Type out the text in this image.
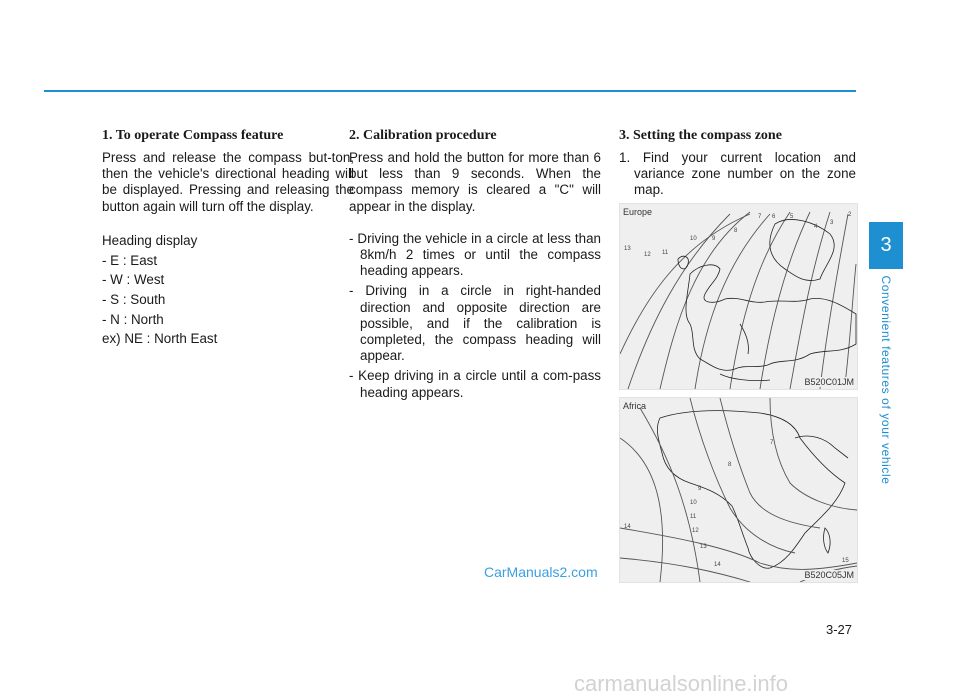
1. To operate Compass feature

Press and release the compass but-ton, then the vehicle's directional heading will be displayed. Pressing and releasing the button again will turn off the display.

Heading display

- E : East

- W : West

- S : South

- N : North

ex) NE : North East

2. Calibration procedure

Press and hold the button for more than 6 but less than 9 seconds. When the compass memory is cleared a "C" will appear in the display.

- Driving the vehicle in a circle at less than 8km/h 2 times or until the compass heading appears.

- Driving in a circle in right-handed direction and opposite direction are possible, and if the calibration is completed, the compass heading will appear.

- Keep driving in a circle until a com-pass heading appears.

3. Setting the compass zone

1. Find your current location and variance zone number on the zone map.

2
3
4
5
6
7
8
9
10
11
12
13
Europe
B520C01JM
7
8
9
10
11
12
13
14
14
15
Africa
B520C05JM
CarManuals2.com
3
Convenient features of your vehicle
3-27
carmanualsonline.info
